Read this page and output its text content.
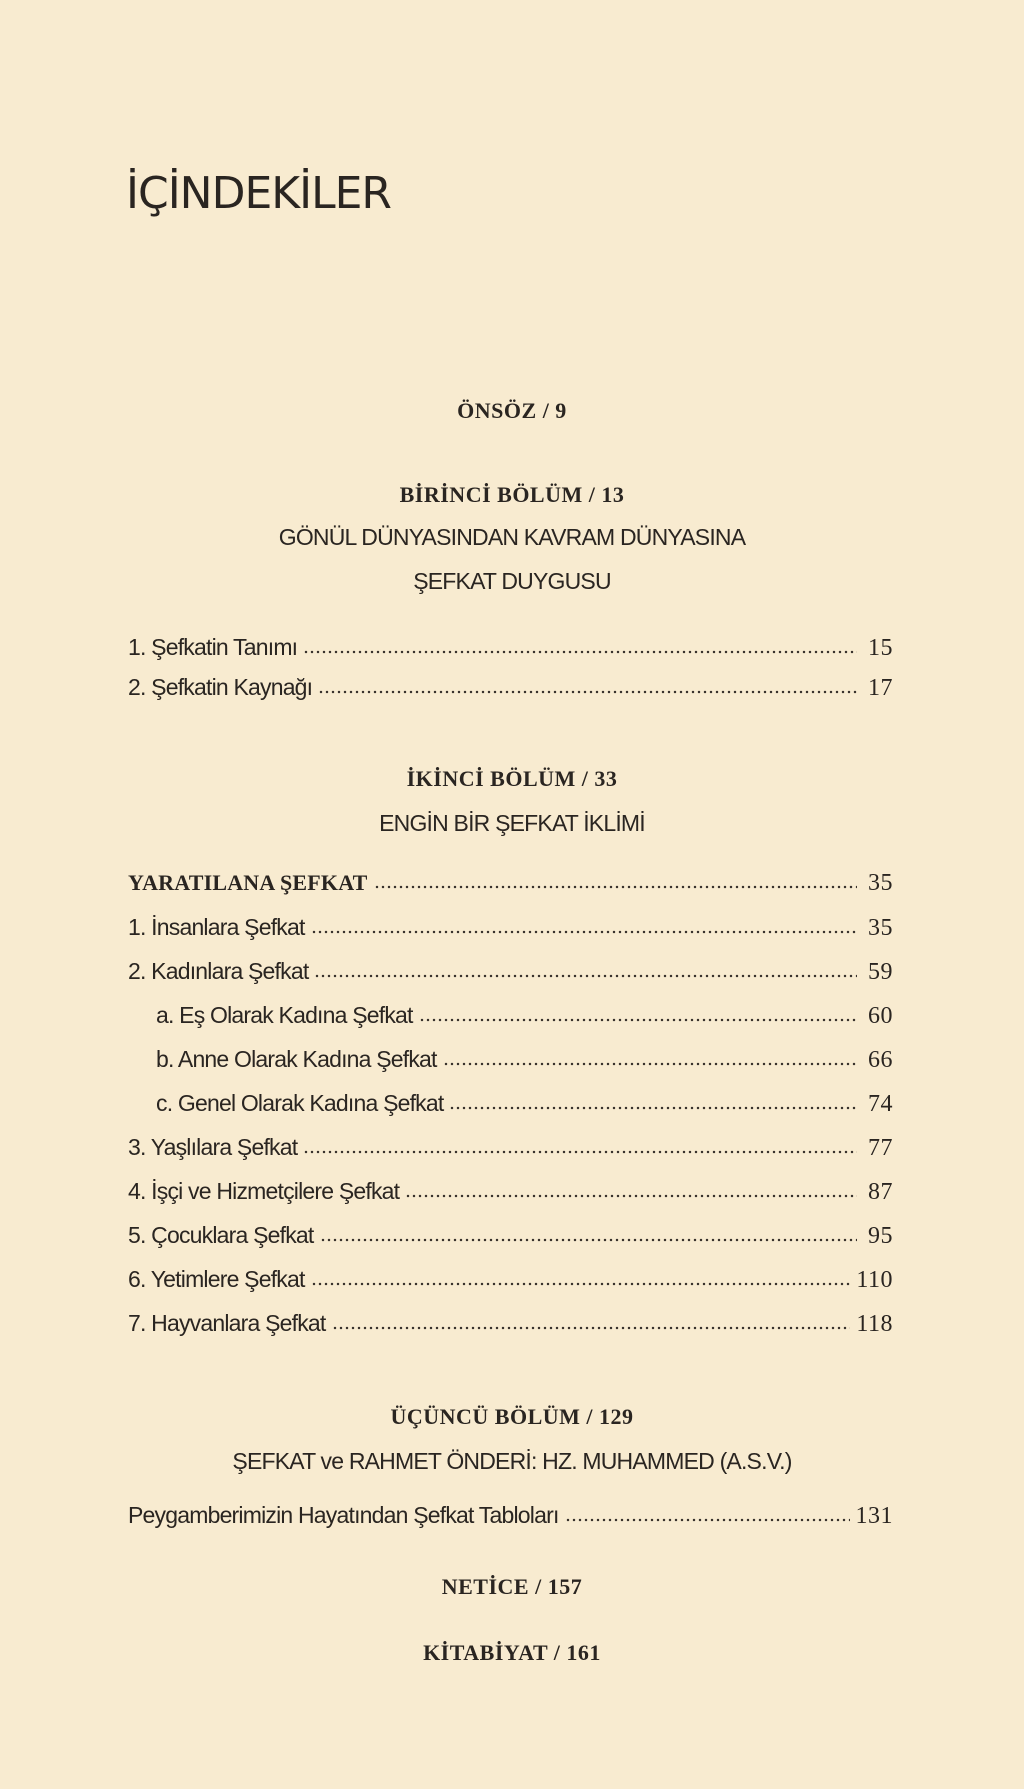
İÇİNDEKİLER
ÖNSÖZ / 9
BİRİNCİ BÖLÜM / 13
GÖNÜL DÜNYASINDAN KAVRAM DÜNYASINA
ŞEFKAT DUYGUSU
1. Şefkatin Tanımı	15
2. Şefkatin Kaynağı	17
İKİNCİ BÖLÜM / 33
ENGİN BİR ŞEFKAT İKLİMİ
YARATILANA ŞEFKAT	35
1. İnsanlara Şefkat	35
2. Kadınlara Şefkat	59
a. Eş Olarak Kadına Şefkat	60
b. Anne Olarak Kadına Şefkat	66
c. Genel Olarak Kadına Şefkat	74
3. Yaşlılara Şefkat	77
4. İşçi ve Hizmetçilere Şefkat	87
5. Çocuklara Şefkat	95
6. Yetimlere Şefkat	110
7. Hayvanlara Şefkat	118
ÜÇÜNCÜ BÖLÜM / 129
ŞEFKAT ve RAHMET ÖNDERİ: HZ. MUHAMMED (A.S.V.)
Peygamberimizin Hayatından Şefkat Tabloları	131
NETİCE / 157
KİTABİYAT / 161
